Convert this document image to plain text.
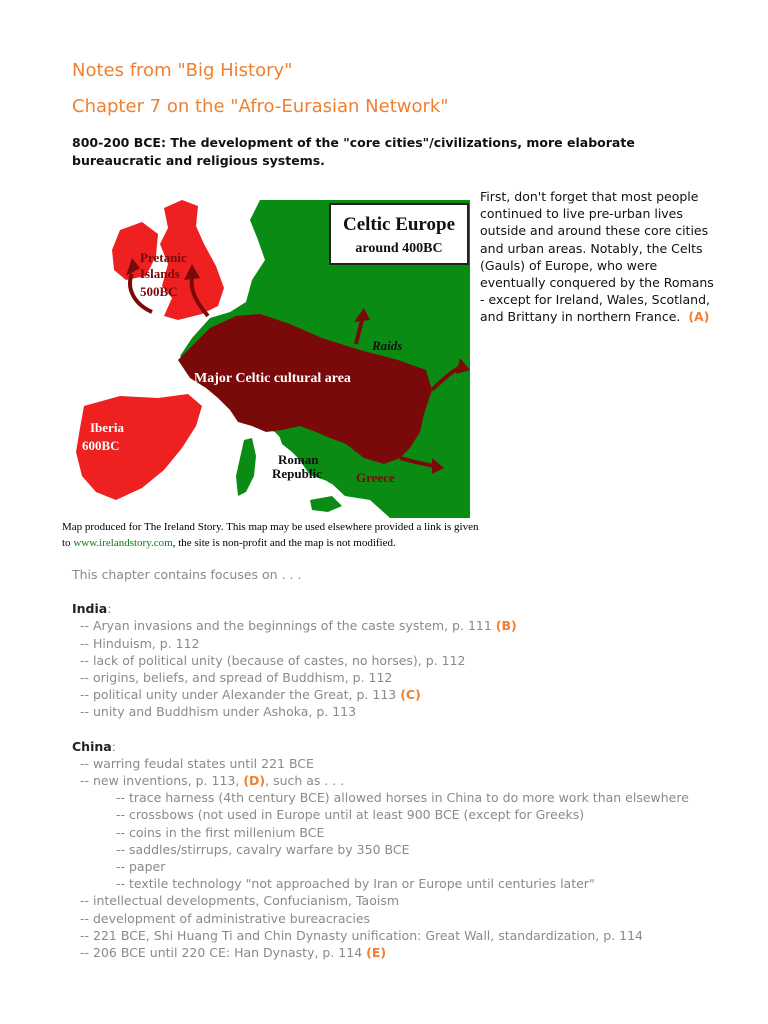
Notes from "Big History"
Chapter 7 on the "Afro-Eurasian Network"

800-200 BCE: The development of the "core cities"/civilizations, more elaborate bureaucratic and religious systems.

Celtic Europe
around 400BC
Pretanic
Islands
500BC
Raids
Major Celtic cultural area
Iberia
600BC
Roman
Republic	Greece

Map produced for The Ireland Story. This map may be used elsewhere provided a link is given to www.irelandstory.com, the site is non-profit and the map is not modified.

First, don't forget that most people continued to live pre-urban lives outside and around these core cities and urban areas. Notably, the Celts (Gauls) of Europe, who were eventually conquered by the Romans - except for Ireland, Wales, Scotland, and Brittany in northern France. (A)

This chapter contains focuses on . . .
India:
-- Aryan invasions and the beginnings of the caste system, p. 111 (B)
-- Hinduism, p. 112
-- lack of political unity (because of castes, no horses), p. 112
-- origins, beliefs, and spread of Buddhism, p. 112
-- political unity under Alexander the Great, p. 113 (C)
-- unity and Buddhism under Ashoka, p. 113
China:
-- warring feudal states until 221 BCE
-- new inventions, p. 113, (D), such as . . .
-- trace harness (4th century BCE) allowed horses in China to do more work than elsewhere
-- crossbows (not used in Europe until at least 900 BCE (except for Greeks)
-- coins in the first millenium BCE
-- saddles/stirrups, cavalry warfare by 350 BCE
-- paper
-- textile technology "not approached by Iran or Europe until centuries later"
-- intellectual developments, Confucianism, Taoism
-- development of administrative bureacracies
-- 221 BCE, Shi Huang Ti and Chin Dynasty unification: Great Wall, standardization, p. 114
-- 206 BCE until 220 CE: Han Dynasty, p. 114 (E)
